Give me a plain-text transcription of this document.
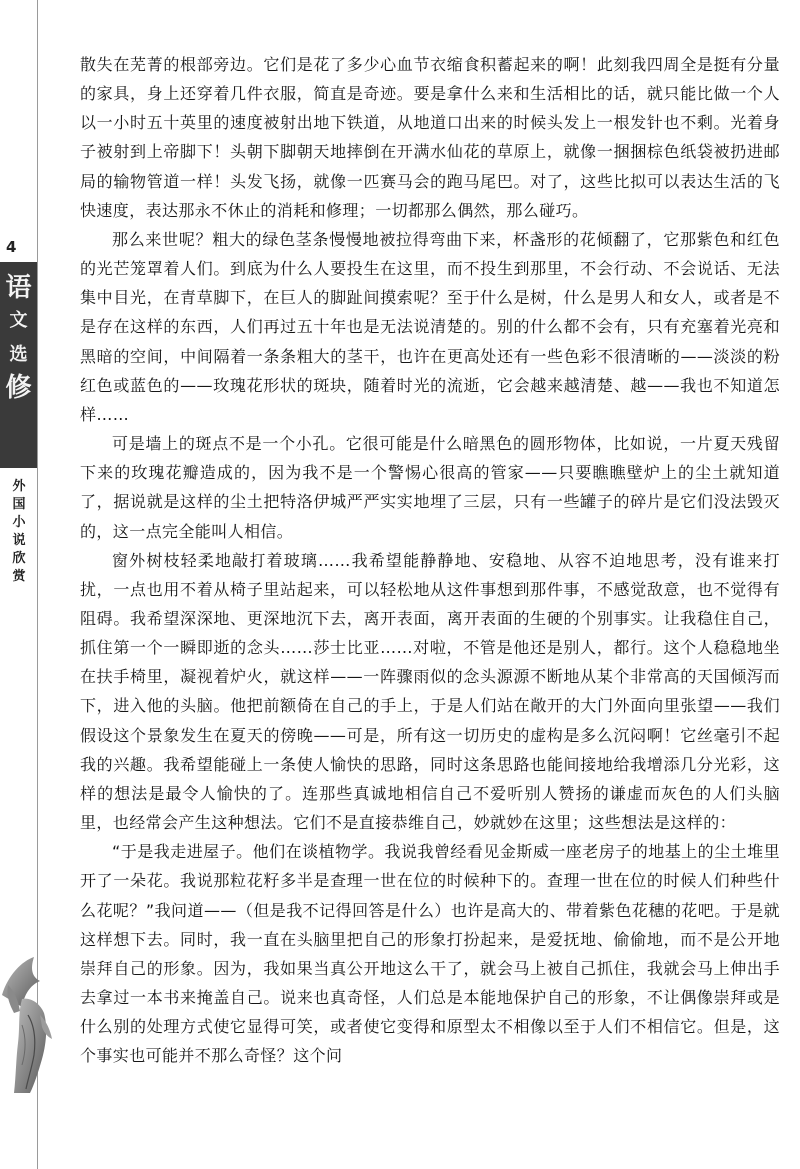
4
语
文
选
修
外
国
小
说
欣
赏

散失在芜菁的根部旁边。它们是花了多少心血节衣缩食积蓄起来的啊！此刻我四周全是挺有分量的家具，身上还穿着几件衣服，简直是奇迹。要是拿什么来和生活相比的话，就只能比做一个人以一小时五十英里的速度被射出地下铁道，从地道口出来的时候头发上一根发针也不剩。光着身子被射到上帝脚下！头朝下脚朝天地摔倒在开满水仙花的草原上，就像一捆捆棕色纸袋被扔进邮局的输物管道一样！头发飞扬，就像一匹赛马会的跑马尾巴。对了，这些比拟可以表达生活的飞快速度，表达那永不休止的消耗和修理；一切都那么偶然，那么碰巧。

那么来世呢？粗大的绿色茎条慢慢地被拉得弯曲下来，杯盏形的花倾翻了，它那紫色和红色的光芒笼罩着人们。到底为什么人要投生在这里，而不投生到那里，不会行动、不会说话、无法集中目光，在青草脚下，在巨人的脚趾间摸索呢？至于什么是树，什么是男人和女人，或者是不是存在这样的东西，人们再过五十年也是无法说清楚的。别的什么都不会有，只有充塞着光亮和黑暗的空间，中间隔着一条条粗大的茎干，也许在更高处还有一些色彩不很清晰的——淡淡的粉红色或蓝色的——玫瑰花形状的斑块，随着时光的流逝，它会越来越清楚、越——我也不知道怎样……

可是墙上的斑点不是一个小孔。它很可能是什么暗黑色的圆形物体，比如说，一片夏天残留下来的玫瑰花瓣造成的，因为我不是一个警惕心很高的管家——只要瞧瞧壁炉上的尘土就知道了，据说就是这样的尘土把特洛伊城严严实实地埋了三层，只有一些罐子的碎片是它们没法毁灭的，这一点完全能叫人相信。

窗外树枝轻柔地敲打着玻璃……我希望能静静地、安稳地、从容不迫地思考，没有谁来打扰，一点也用不着从椅子里站起来，可以轻松地从这件事想到那件事，不感觉敌意，也不觉得有阻碍。我希望深深地、更深地沉下去，离开表面，离开表面的生硬的个别事实。让我稳住自己，抓住第一个一瞬即逝的念头……莎士比亚……对啦，不管是他还是别人，都行。这个人稳稳地坐在扶手椅里，凝视着炉火，就这样——一阵骤雨似的念头源源不断地从某个非常高的天国倾泻而下，进入他的头脑。他把前额倚在自己的手上，于是人们站在敞开的大门外面向里张望——我们假设这个景象发生在夏天的傍晚——可是，所有这一切历史的虚构是多么沉闷啊！它丝毫引不起我的兴趣。我希望能碰上一条使人愉快的思路，同时这条思路也能间接地给我增添几分光彩，这样的想法是最令人愉快的了。连那些真诚地相信自己不爱听别人赞扬的谦虚而灰色的人们头脑里，也经常会产生这种想法。它们不是直接恭维自己，妙就妙在这里；这些想法是这样的：

“于是我走进屋子。他们在谈植物学。我说我曾经看见金斯威一座老房子的地基上的尘土堆里开了一朵花。我说那粒花籽多半是查理一世在位的时候种下的。查理一世在位的时候人们种些什么花呢？”我问道——（但是我不记得回答是什么）也许是高大的、带着紫色花穗的花吧。于是就这样想下去。同时，我一直在头脑里把自己的形象打扮起来，是爱抚地、偷偷地，而不是公开地崇拜自己的形象。因为，我如果当真公开地这么干了，就会马上被自己抓住，我就会马上伸出手去拿过一本书来掩盖自己。说来也真奇怪，人们总是本能地保护自己的形象，不让偶像崇拜或是什么别的处理方式使它显得可笑，或者使它变得和原型太不相像以至于人们不相信它。但是，这个事实也可能并不那么奇怪？这个问
